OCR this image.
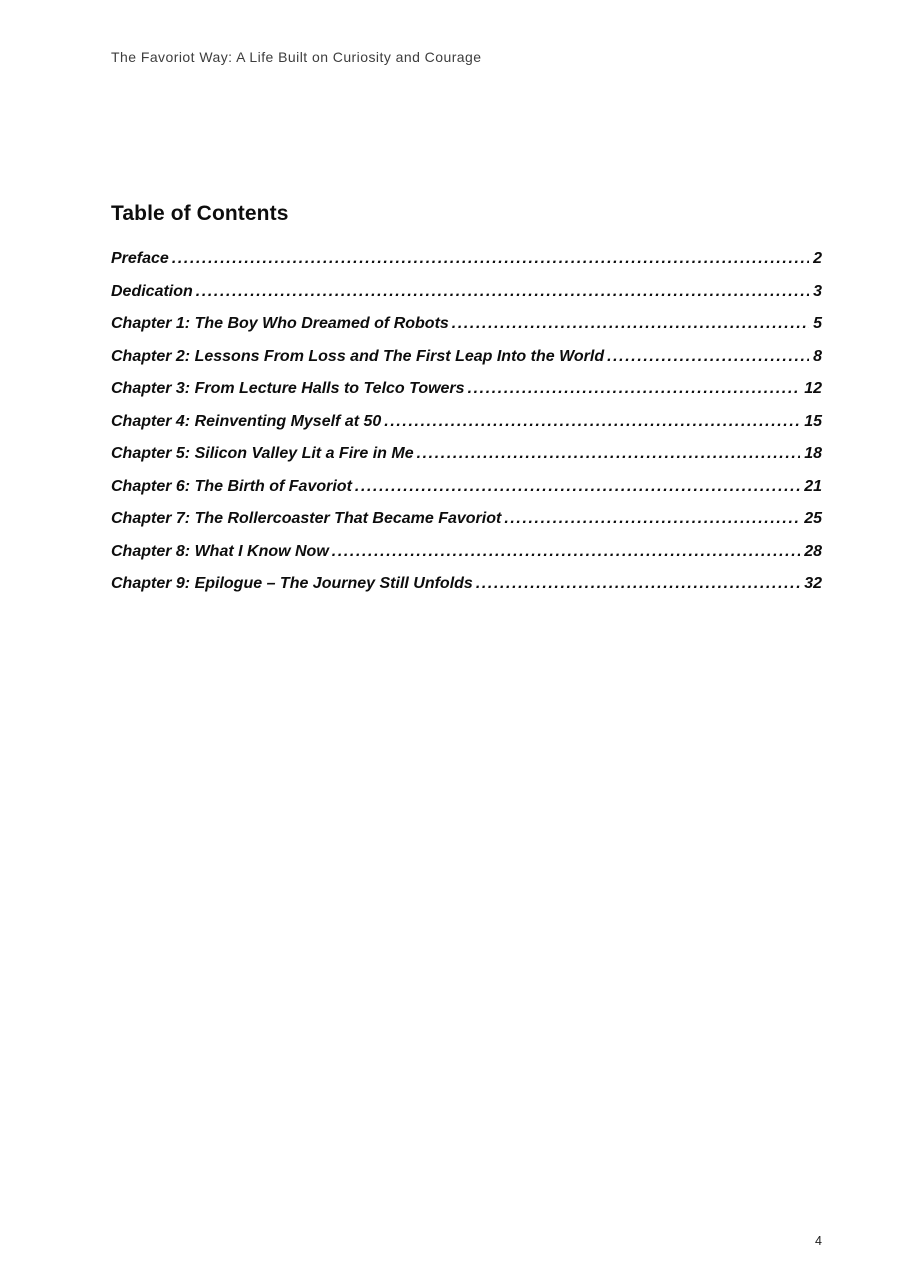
The Favoriot Way: A Life Built on Curiosity and Courage
Table of Contents
Preface .....	2
Dedication .....	3
Chapter 1: The Boy Who Dreamed of Robots .....	5
Chapter 2: Lessons From Loss and The First Leap Into the World .....	8
Chapter 3: From Lecture Halls to Telco Towers .....	12
Chapter 4: Reinventing Myself at 50 .....	15
Chapter 5: Silicon Valley Lit a Fire in Me .....	18
Chapter 6: The Birth of Favoriot .....	21
Chapter 7: The Rollercoaster That Became Favoriot .....	25
Chapter 8: What I Know Now .....	28
Chapter 9: Epilogue – The Journey Still Unfolds .....	32
4
